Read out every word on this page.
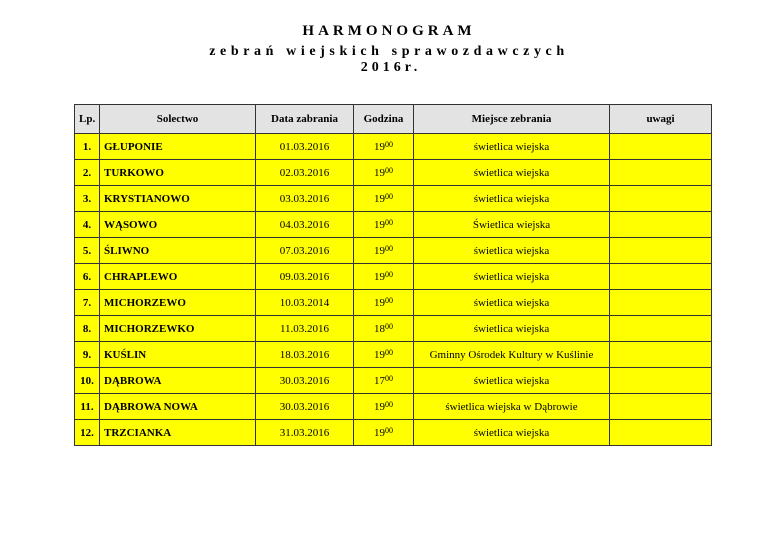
HARMONOGRAM
zebrań wiejskich sprawozdawczych
2016r.
Lp.	Solectwo	Data zabrania	Godzina	Miejsce zebrania	uwagi
1.	GŁUPONIE	01.03.2016	$19^{00}$	świetlica wiejska	
2.	TURKOWO	02.03.2016	$19^{00}$	świetlica wiejska	
3.	KRYSTIANOWO	03.03.2016	$19^{00}$	świetlica wiejska	
4.	WĄSOWO	04.03.2016	$19^{00}$	Świetlica wiejska	
5.	ŚLIWNO	07.03.2016	$19^{00}$	świetlica wiejska	
6.	CHRAPLEWO	09.03.2016	$19^{00}$	świetlica wiejska	
7.	MICHORZEWO	10.03.2014	$19^{00}$	świetlica wiejska	
8.	MICHORZEWKO	11.03.2016	$18^{00}$	świetlica wiejska	
9.	KUŚLIN	18.03.2016	$19^{00}$	Gminny Ośrodek Kultury w Kuślinie	
10.	DĄBROWA	30.03.2016	$17^{00}$	świetlica wiejska	
11.	DĄBROWA NOWA	30.03.2016	$19^{00}$	świetlica wiejska w Dąbrowie	
12.	TRZCIANKA	31.03.2016	$19^{00}$	świetlica wiejska	
